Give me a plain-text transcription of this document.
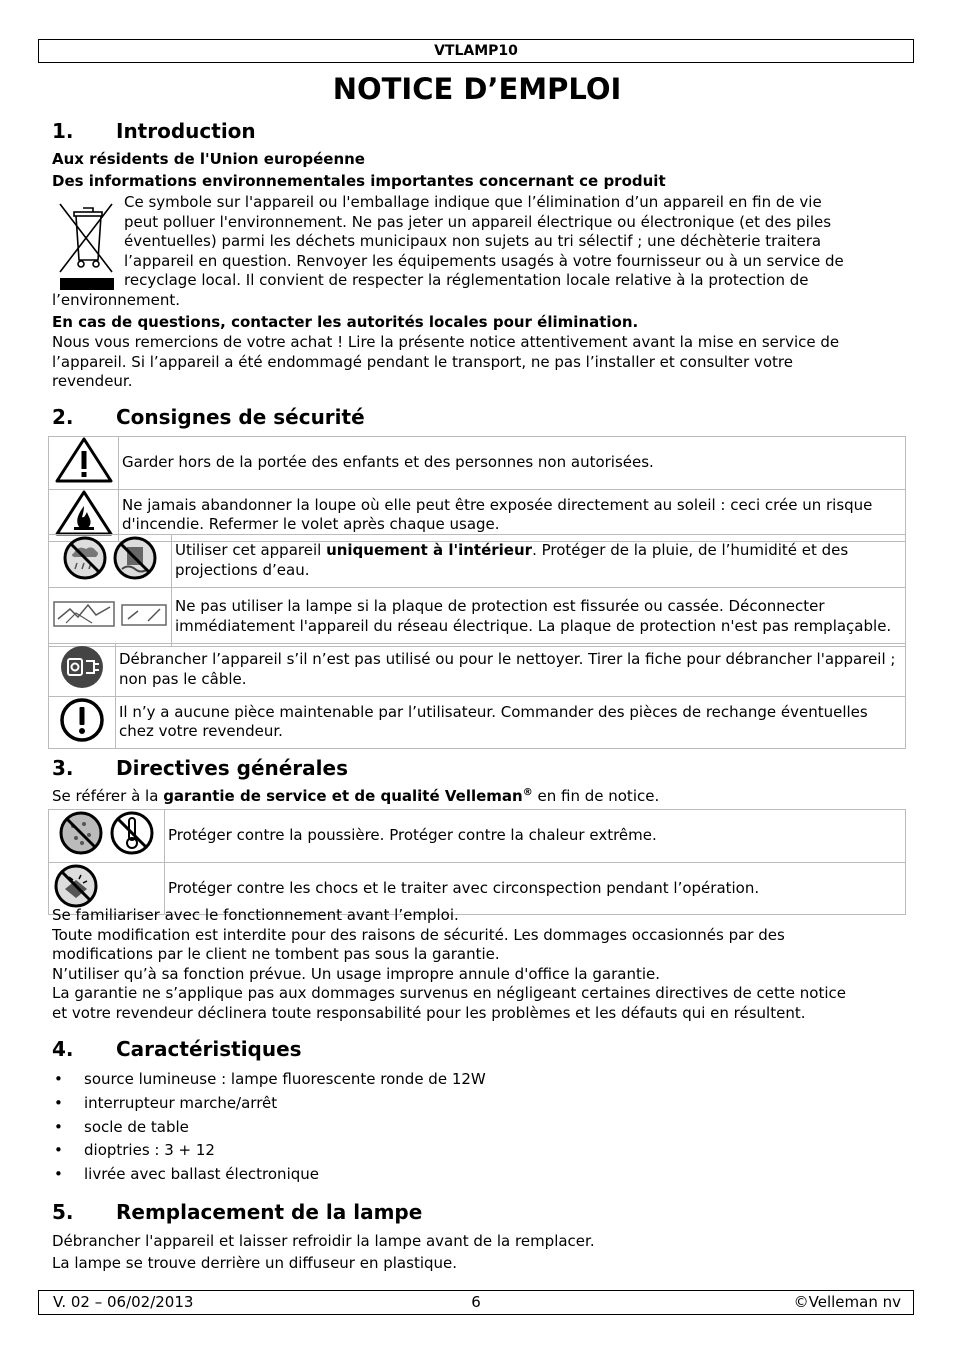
VTLAMP10
NOTICE D’EMPLOI
1. Introduction
Aux résidents de l'Union européenne
Des informations environnementales importantes concernant ce produit
Ce symbole sur l'appareil ou l'emballage indique que l’élimination d’un appareil en fin de vie
peut polluer l'environnement. Ne pas jeter un appareil électrique ou électronique (et des piles
éventuelles) parmi les déchets municipaux non sujets au tri sélectif ; une déchèterie traitera
l’appareil en question. Renvoyer les équipements usagés à votre fournisseur ou à un service de
recyclage local. Il convient de respecter la réglementation locale relative à la protection de
l’environnement.
En cas de questions, contacter les autorités locales pour élimination.
Nous vous remercions de votre achat ! Lire la présente notice attentivement avant la mise en service de
l’appareil. Si l’appareil a été endommagé pendant le transport, ne pas l’installer et consulter votre
revendeur.
2. Consignes de sécurité
	Garder hors de la portée des enfants et des personnes non autorisées.
	Ne jamais abandonner la loupe où elle peut être exposée directement au soleil : ceci crée un risque d'incendie. Refermer le volet après chaque usage.
	Utiliser cet appareil uniquement à l'intérieur. Protéger de la pluie, de l’humidité et des projections d’eau.
	Ne pas utiliser la lampe si la plaque de protection est fissurée ou cassée. Déconnecter immédiatement l'appareil du réseau électrique. La plaque de protection n'est pas remplaçable.
	Débrancher l’appareil s’il n’est pas utilisé ou pour le nettoyer. Tirer la fiche pour débrancher l'appareil ; non pas le câble.
	Il n’y a aucune pièce maintenable par l’utilisateur. Commander des pièces de rechange éventuelles chez votre revendeur.
3. Directives générales
Se référer à la garantie de service et de qualité Velleman® en fin de notice.
	Protéger contre la poussière. Protéger contre la chaleur extrême.
	Protéger contre les chocs et le traiter avec circonspection pendant l’opération.
Se familiariser avec le fonctionnement avant l’emploi.
Toute modification est interdite pour des raisons de sécurité. Les dommages occasionnés par des
modifications par le client ne tombent pas sous la garantie.
N’utiliser qu’à sa fonction prévue. Un usage impropre annule d'office la garantie.
La garantie ne s’applique pas aux dommages survenus en négligeant certaines directives de cette notice
et votre revendeur déclinera toute responsabilité pour les problèmes et les défauts qui en résultent.
4. Caractéristiques
• source lumineuse : lampe fluorescente ronde de 12W
• interrupteur marche/arrêt
• socle de table
• dioptries : 3 + 12
• livrée avec ballast électronique
5. Remplacement de la lampe
Débrancher l'appareil et laisser refroidir la lampe avant de la remplacer.
La lampe se trouve derrière un diffuseur en plastique.
6
V. 02 – 06/02/2013	©Velleman nv
